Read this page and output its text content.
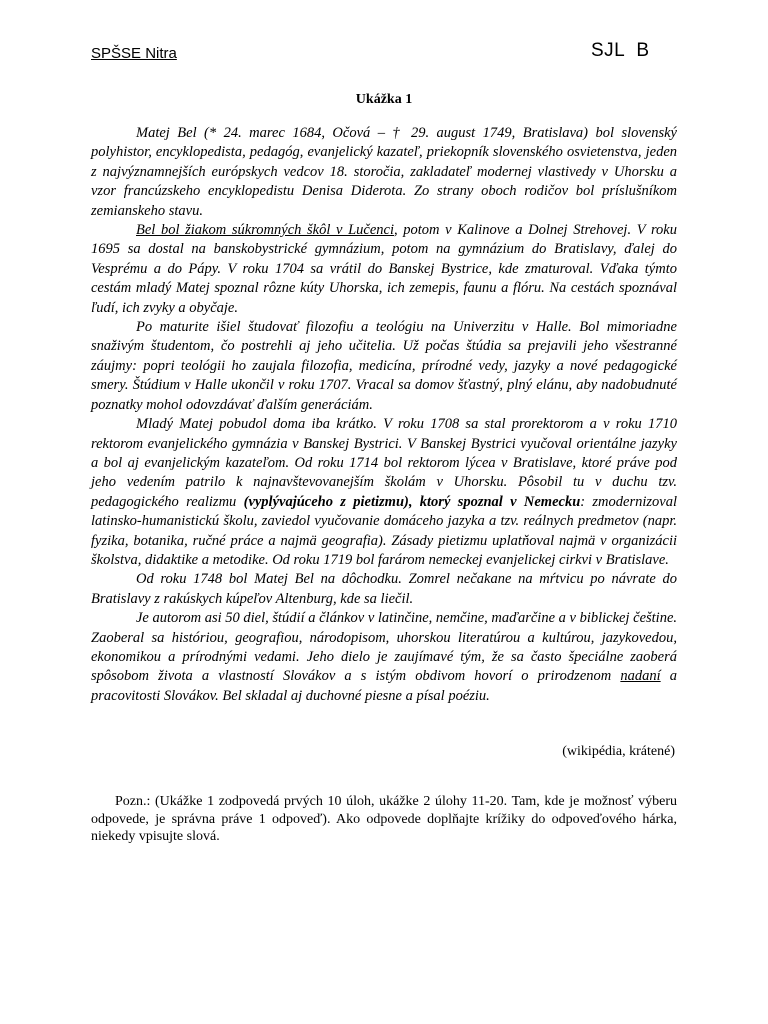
SPŠSE Nitra	SJL B
Ukážka 1

Matej Bel (* 24. marec 1684, Očová – † 29. august 1749, Bratislava) bol slovenský polyhistor, encyklopedista, pedagóg, evanjelický kazateľ, priekopník slovenského osvietenstva, jeden z najvýznamnejších európskych vedcov 18. storočia, zakladateľ modernej vlastivedy v Uhorsku a vzor francúzskeho encyklopedistu Denisa Diderota. Zo strany oboch rodičov bol príslušníkom zemianskeho stavu.

Bel bol žiakom súkromných škôl v Lučenci, potom v Kalinove a Dolnej Strehovej. V roku 1695 sa dostal na banskobystrické gymnázium, potom na gymnázium do Bratislavy, ďalej do Vesprému a do Pápy. V roku 1704 sa vrátil do Banskej Bystrice, kde zmaturoval. Vďaka týmto cestám mladý Matej spoznal rôzne kúty Uhorska, ich zemepis, faunu a flóru. Na cestách spoznával ľudí, ich zvyky a obyčaje.

Po maturite išiel študovať filozofiu a teológiu na Univerzitu v Halle. Bol mimoriadne snaživým študentom, čo postrehli aj jeho učitelia. Už počas štúdia sa prejavili jeho všestranné záujmy: popri teológii ho zaujala filozofia, medicína, prírodné vedy, jazyky a nové pedagogické smery. Štúdium v Halle ukončil v roku 1707. Vracal sa domov šťastný, plný elánu, aby nadobudnuté poznatky mohol odovzdávať ďalším generáciám.

Mladý Matej pobudol doma iba krátko. V roku 1708 sa stal prorektorom a v roku 1710 rektorom evanjelického gymnázia v Banskej Bystrici. V Banskej Bystrici vyučoval orientálne jazyky a bol aj evanjelickým kazateľom. Od roku 1714 bol rektorom lýcea v Bratislave, ktoré práve pod jeho vedením patrilo k najnavštevovanejším školám v Uhorsku. Pôsobil tu v duchu tzv. pedagogického realizmu (vyplývajúceho z pietizmu), ktorý spoznal v Nemecku: zmodernizoval latinsko-humanistickú školu, zaviedol vyučovanie domáceho jazyka a tzv. reálnych predmetov (napr. fyzika, botanika, ručné práce a najmä geografia). Zásady pietizmu uplatňoval najmä v organizácii školstva, didaktike a metodike. Od roku 1719 bol farárom nemeckej evanjelickej cirkvi v Bratislave.

Od roku 1748 bol Matej Bel na dôchodku. Zomrel nečakane na mŕtvicu po návrate do Bratislavy z rakúskych kúpeľov Altenburg, kde sa liečil.

Je autorom asi 50 diel, štúdií a článkov v latinčine, nemčine, maďarčine a v biblickej češtine. Zaoberal sa históriou, geografiou, národopisom, uhorskou literatúrou a kultúrou, jazykovedou, ekonomikou a prírodnými vedami. Jeho dielo je zaujímavé tým, že sa často špeciálne zaoberá spôsobom života a vlastností Slovákov a s istým obdivom hovorí o prirodzenom nadaní a pracovitosti Slovákov. Bel skladal aj duchovné piesne a písal poéziu.

(wikipédia, krátené)
Pozn.: (Ukážke 1 zodpovedá prvých 10 úloh, ukážke 2 úlohy 11-20. Tam, kde je možnosť výberu odpovede, je správna práve 1 odpoveď). Ako odpovede doplňajte krížiky do odpoveďového hárka, niekedy vpisujte slová.
